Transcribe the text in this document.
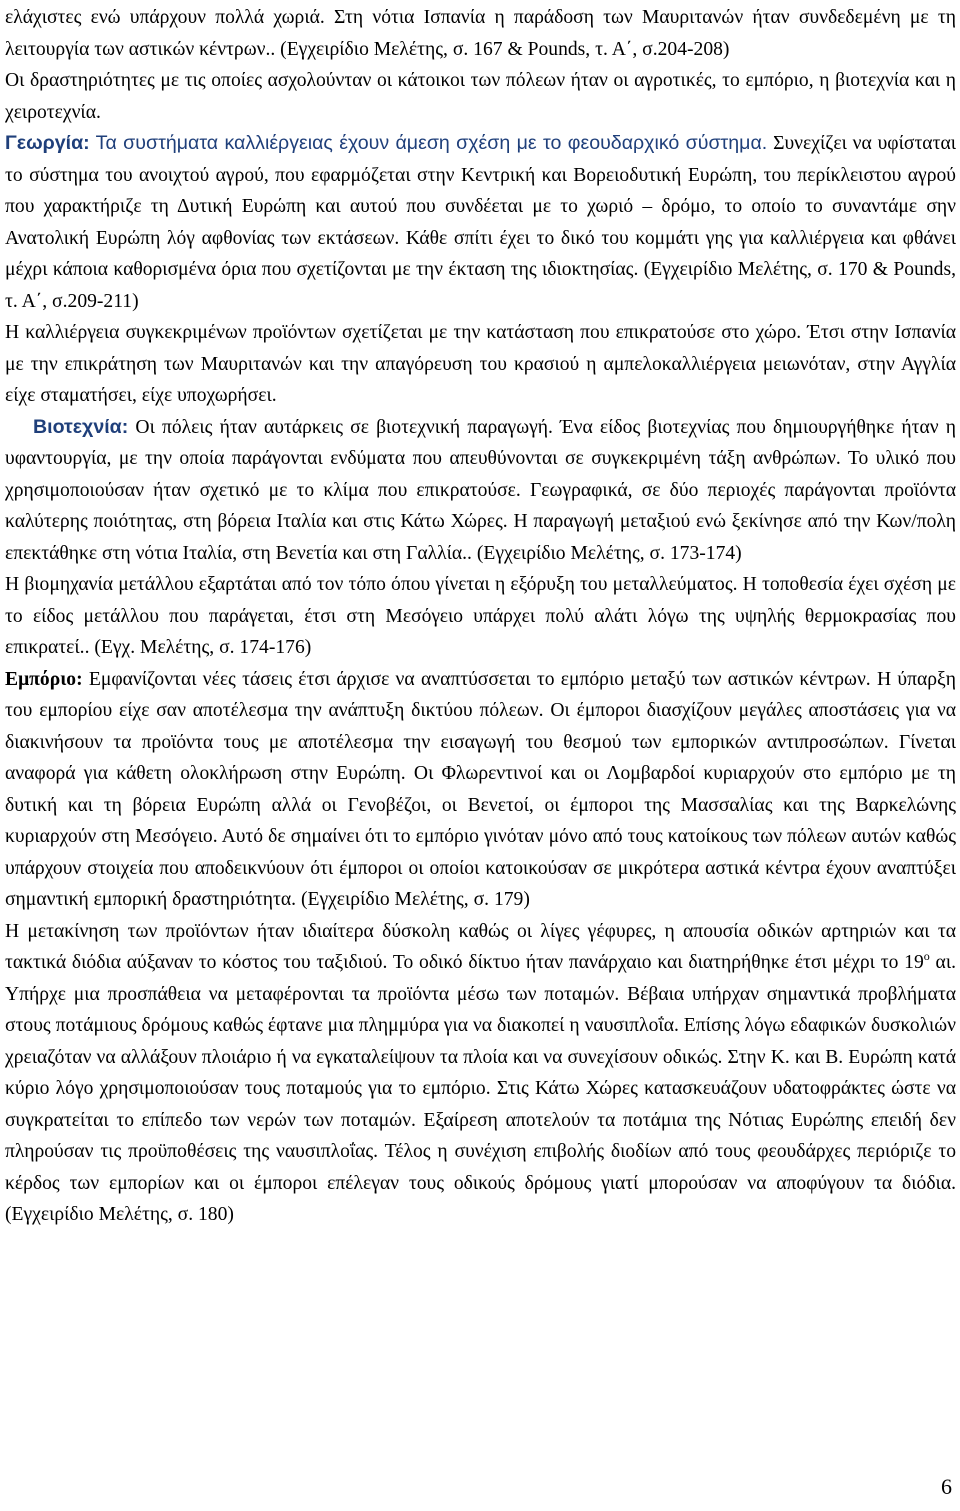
ελάχιστες ενώ υπάρχουν πολλά χωριά. Στη νότια Ισπανία η παράδοση των Μαυριτανών ήταν συνδεδεμένη με τη λειτουργία των αστικών κέντρων.. (Εγχειρίδιο Μελέτης, σ. 167 & Pounds, τ. Α΄, σ.204-208)

Οι δραστηριότητες με τις οποίες ασχολούνταν οι κάτοικοι των πόλεων ήταν οι αγροτικές, το εμπόριο, η βιοτεχνία και η χειροτεχνία.

Γεωργία: Τα συστήματα καλλιέργειας έχουν άμεση σχέση με το φεουδαρχικό σύστημα. Συνεχίζει να υφίσταται το σύστημα του ανοιχτού αγρού, που εφαρμόζεται στην Κεντρική και Βορειοδυτική Ευρώπη, του περίκλειστου αγρού που χαρακτήριζε τη Δυτική Ευρώπη και αυτού που συνδέεται με το χωριό – δρόμο, το οποίο το συναντάμε σην Ανατολική Ευρώπη λόγ αφθονίας των εκτάσεων. Κάθε σπίτι έχει το δικό του κομμάτι γης για καλλιέργεια και φθάνει μέχρι κάποια καθορισμένα όρια που σχετίζονται με την έκταση της ιδιοκτησίας. (Εγχειρίδιο Μελέτης, σ. 170 & Pounds, τ. Α΄, σ.209-211)

Η καλλιέργεια συγκεκριμένων προϊόντων σχετίζεται με την κατάσταση που επικρατούσε στο χώρο. Έτσι στην Ισπανία με την επικράτηση των Μαυριτανών και την απαγόρευση του κρασιού η αμπελοκαλλιέργεια μειωνόταν, στην Αγγλία είχε σταματήσει, είχε υποχωρήσει.

Βιοτεχνία: Οι πόλεις ήταν αυτάρκεις σε βιοτεχνική παραγωγή. Ένα είδος βιοτεχνίας που δημιουργήθηκε ήταν η υφαντουργία, με την οποία παράγονται ενδύματα που απευθύνονται σε συγκεκριμένη τάξη ανθρώπων. Το υλικό που χρησιμοποιούσαν ήταν σχετικό με το κλίμα που επικρατούσε. Γεωγραφικά, σε δύο περιοχές παράγονται προϊόντα καλύτερης ποιότητας, στη βόρεια Ιταλία και στις Κάτω Χώρες. Η παραγωγή μεταξιού ενώ ξεκίνησε από την Κων/πολη επεκτάθηκε στη νότια Ιταλία, στη Βενετία και στη Γαλλία.. (Εγχειρίδιο Μελέτης, σ. 173-174)

Η βιομηχανία μετάλλου εξαρτάται από τον τόπο όπου γίνεται η εξόρυξη του μεταλλεύματος. Η τοποθεσία έχει σχέση με το είδος μετάλλου που παράγεται, έτσι στη Μεσόγειο υπάρχει πολύ αλάτι λόγω της υψηλής θερμοκρασίας που επικρατεί.. (Εγχ. Μελέτης, σ. 174-176)

Εμπόριο: Εμφανίζονται νέες τάσεις έτσι άρχισε να αναπτύσσεται το εμπόριο μεταξύ των αστικών κέντρων. Η ύπαρξη του εμπορίου είχε σαν αποτέλεσμα την ανάπτυξη δικτύου πόλεων. Οι έμποροι διασχίζουν μεγάλες αποστάσεις για να διακινήσουν τα προϊόντα τους με αποτέλεσμα την εισαγωγή του θεσμού των εμπορικών αντιπροσώπων. Γίνεται αναφορά για κάθετη ολοκλήρωση στην Ευρώπη. Οι Φλωρεντινοί και οι Λομβαρδοί κυριαρχούν στο εμπόριο με τη δυτική και τη βόρεια Ευρώπη αλλά οι Γενοβέζοι, οι Βενετοί, οι έμποροι της Μασσαλίας και της Βαρκελώνης κυριαρχούν στη Μεσόγειο. Αυτό δε σημαίνει ότι το εμπόριο γινόταν μόνο από τους κατοίκους των πόλεων αυτών καθώς υπάρχουν στοιχεία που αποδεικνύουν ότι έμποροι οι οποίοι κατοικούσαν σε μικρότερα αστικά κέντρα έχουν αναπτύξει σημαντική εμπορική δραστηριότητα. (Εγχειρίδιο Μελέτης, σ. 179)

Η μετακίνηση των προϊόντων ήταν ιδιαίτερα δύσκολη καθώς οι λίγες γέφυρες, η απουσία οδικών αρτηριών και τα τακτικά διόδια αύξαναν το κόστος του ταξιδιού. Το οδικό δίκτυο ήταν πανάρχαιο και διατηρήθηκε έτσι μέχρι το $19^o$ αι. Υπήρχε μια προσπάθεια να μεταφέρονται τα προϊόντα μέσω των ποταμών. Βέβαια υπήρχαν σημαντικά προβλήματα στους ποτάμιους δρόμους καθώς έφτανε μια πλημμύρα για να διακοπεί η ναυσιπλοΐα. Επίσης λόγω εδαφικών δυσκολιών χρειαζόταν να αλλάξουν πλοιάριο ή να εγκαταλείψουν τα πλοία και να συνεχίσουν οδικώς. Στην Κ. και Β. Ευρώπη κατά κύριο λόγο χρησιμοποιούσαν τους ποταμούς για το εμπόριο. Στις Κάτω Χώρες κατασκευάζουν υδατοφράκτες ώστε να συγκρατείται το επίπεδο των νερών των ποταμών. Εξαίρεση αποτελούν τα ποτάμια της Νότιας Ευρώπης επειδή δεν πληρούσαν τις προϋποθέσεις της ναυσιπλοΐας. Τέλος η συνέχιση επιβολής διοδίων από τους φεουδάρχες περιόριζε το κέρδος των εμπορίων και οι έμποροι επέλεγαν τους οδικούς δρόμους γιατί μπορούσαν να αποφύγουν τα διόδια. (Εγχειρίδιο Μελέτης, σ. 180)

6
